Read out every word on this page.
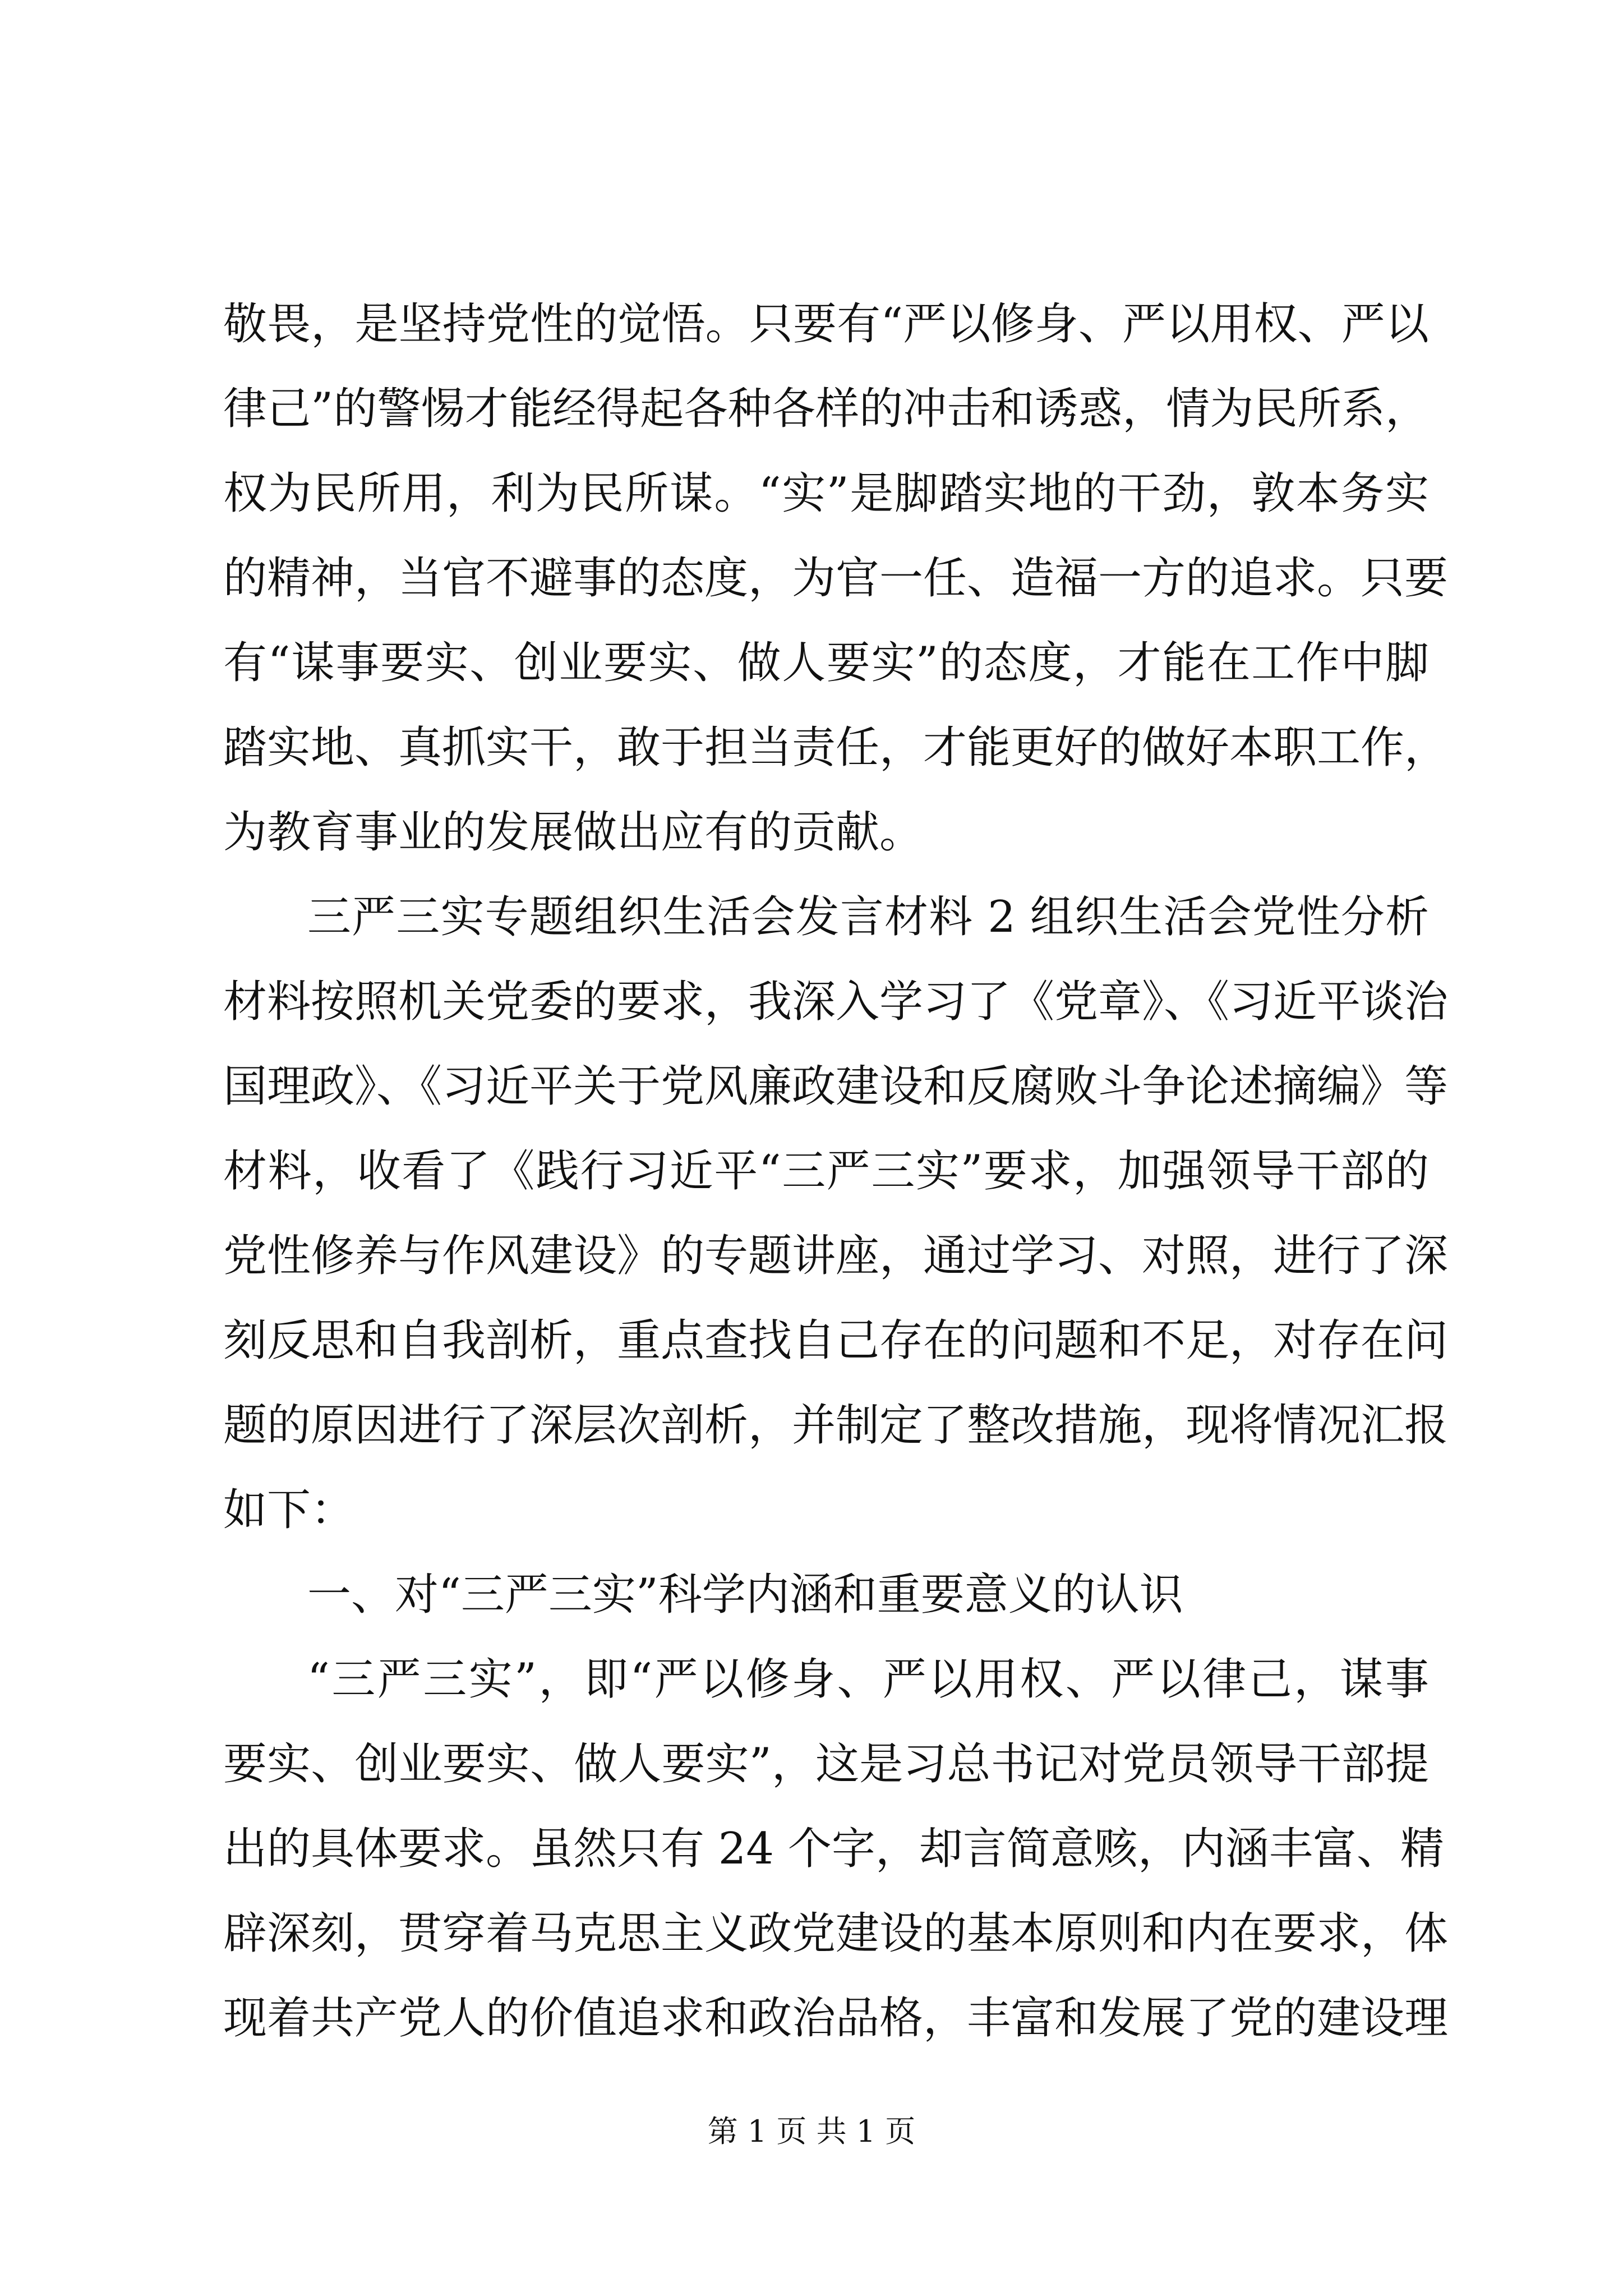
敬畏，是坚持党性的觉悟。只要有“严以修身、严以用权、严以
律己”的警惕才能经得起各种各样的冲击和诱惑，情为民所系，
权为民所用，利为民所谋。“实”是脚踏实地的干劲，敦本务实
的精神，当官不避事的态度，为官一任、造福一方的追求。只要
有“谋事要实、创业要实、做人要实”的态度，才能在工作中脚
踏实地、真抓实干，敢于担当责任，才能更好的做好本职工作，
为教育事业的发展做出应有的贡献。
三严三实专题组织生活会发言材料 2 组织生活会党性分析
材料按照机关党委的要求，我深入学习了《党章》、《习近平谈治
国理政》、《习近平关于党风廉政建设和反腐败斗争论述摘编》等
材料，收看了《践行习近平“三严三实”要求，加强领导干部的
党性修养与作风建设》的专题讲座，通过学习、对照，进行了深
刻反思和自我剖析，重点查找自己存在的问题和不足，对存在问
题的原因进行了深层次剖析，并制定了整改措施，现将情况汇报
如下：
一、对“三严三实”科学内涵和重要意义的认识
“三严三实”，即“严以修身、严以用权、严以律己，谋事
要实、创业要实、做人要实”，这是习总书记对党员领导干部提
出的具体要求。虽然只有 24 个字，却言简意赅，内涵丰富、精
辟深刻，贯穿着马克思主义政党建设的基本原则和内在要求，体
现着共产党人的价值追求和政治品格，丰富和发展了党的建设理
第 1 页 共 1 页
